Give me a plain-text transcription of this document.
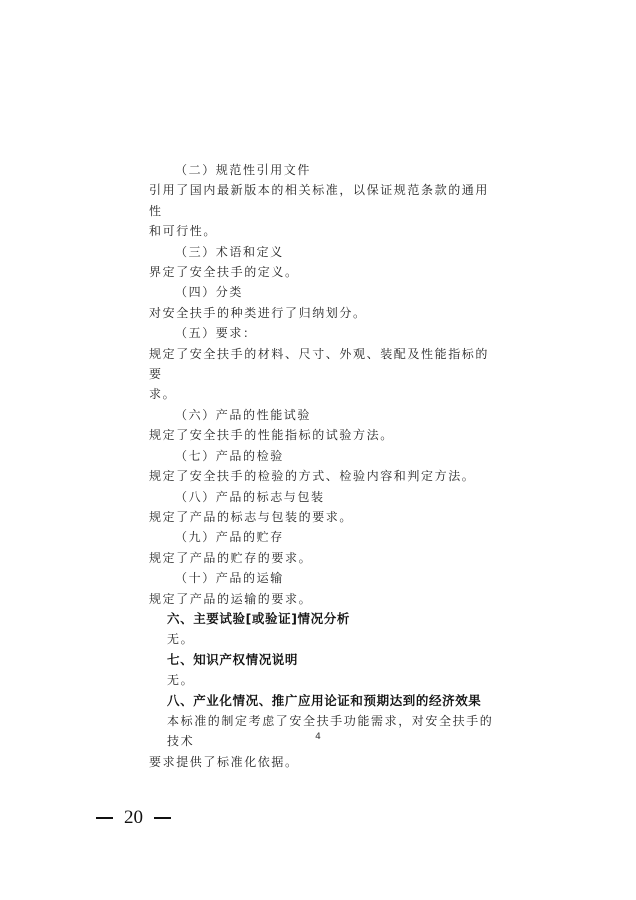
（二）规范性引用文件

引用了国内最新版本的相关标准，以保证规范条款的通用性

和可行性。

（三）术语和定义

界定了安全扶手的定义。

（四）分类

对安全扶手的种类进行了归纳划分。

（五）要求：

规定了安全扶手的材料、尺寸、外观、装配及性能指标的要

求。

（六）产品的性能试验

规定了安全扶手的性能指标的试验方法。

（七）产品的检验

规定了安全扶手的检验的方式、检验内容和判定方法。

（八）产品的标志与包装

规定了产品的标志与包装的要求。

（九）产品的贮存

规定了产品的贮存的要求。

（十）产品的运输

规定了产品的运输的要求。

六、主要试验[或验证]情况分析

无。

七、知识产权情况说明

无。

八、产业化情况、推广应用论证和预期达到的经济效果

本标准的制定考虑了安全扶手功能需求，对安全扶手的技术

要求提供了标准化依据。

4
20
